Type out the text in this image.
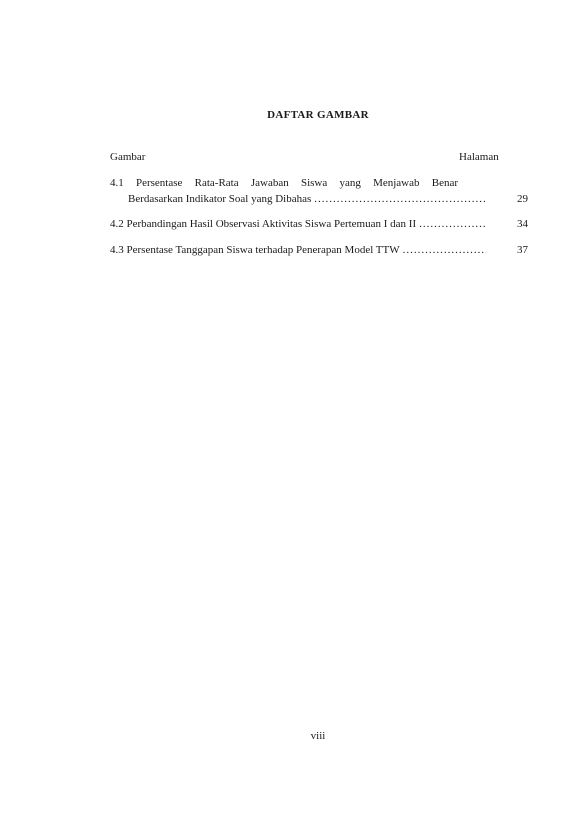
DAFTAR GAMBAR
Gambar	Halaman
4.1 Persentase Rata-Rata Jawaban Siswa yang Menjawab Benar
Berdasarkan Indikator Soal yang Dibahas .....	29
4.2 Perbandingan Hasil Observasi Aktivitas Siswa Pertemuan I dan II .....	34
4.3 Persentase Tanggapan Siswa terhadap Penerapan Model TTW .....	37
viii
